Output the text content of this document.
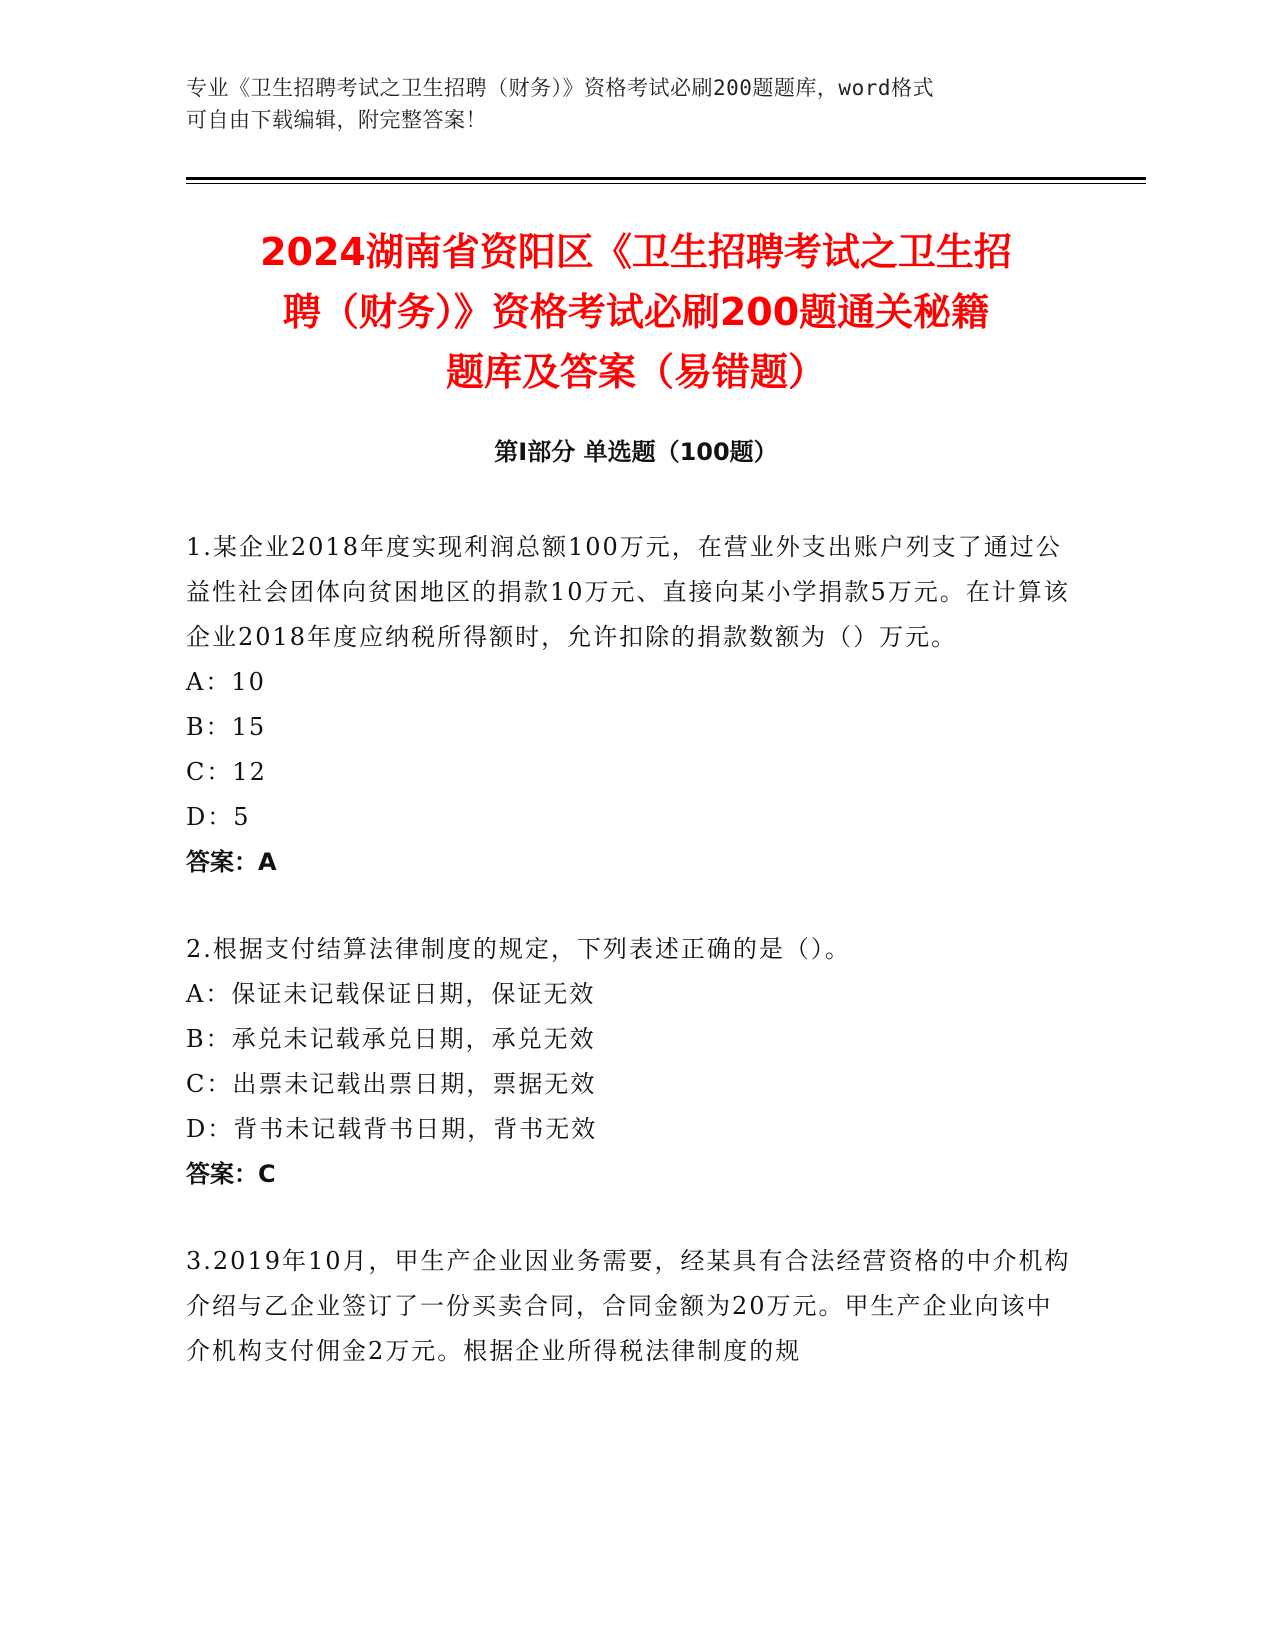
专业《卫生招聘考试之卫生招聘（财务）》资格考试必刷200题题库，word格式
可自由下载编辑，附完整答案！
2024湖南省资阳区《卫生招聘考试之卫生招
聘（财务）》资格考试必刷200题通关秘籍
题库及答案（易错题）
第Ⅰ部分 单选题（100题）

1.某企业2018年度实现利润总额100万元，在营业外支出账户列支了通过公益性社会团体向贫困地区的捐款10万元、直接向某小学捐款5万元。在计算该企业2018年度应纳税所得额时，允许扣除的捐款数额为（）万元。

A：10

B：15

C：12

D：5

答案：A

2.根据支付结算法律制度的规定，下列表述正确的是（）。

A：保证未记载保证日期，保证无效

B：承兑未记载承兑日期，承兑无效

C：出票未记载出票日期，票据无效

D：背书未记载背书日期，背书无效

答案：C

3.2019年10月，甲生产企业因业务需要，经某具有合法经营资格的中介机构介绍与乙企业签订了一份买卖合同，合同金额为20万元。甲生产企业向该中介机构支付佣金2万元。根据企业所得税法律制度的规
